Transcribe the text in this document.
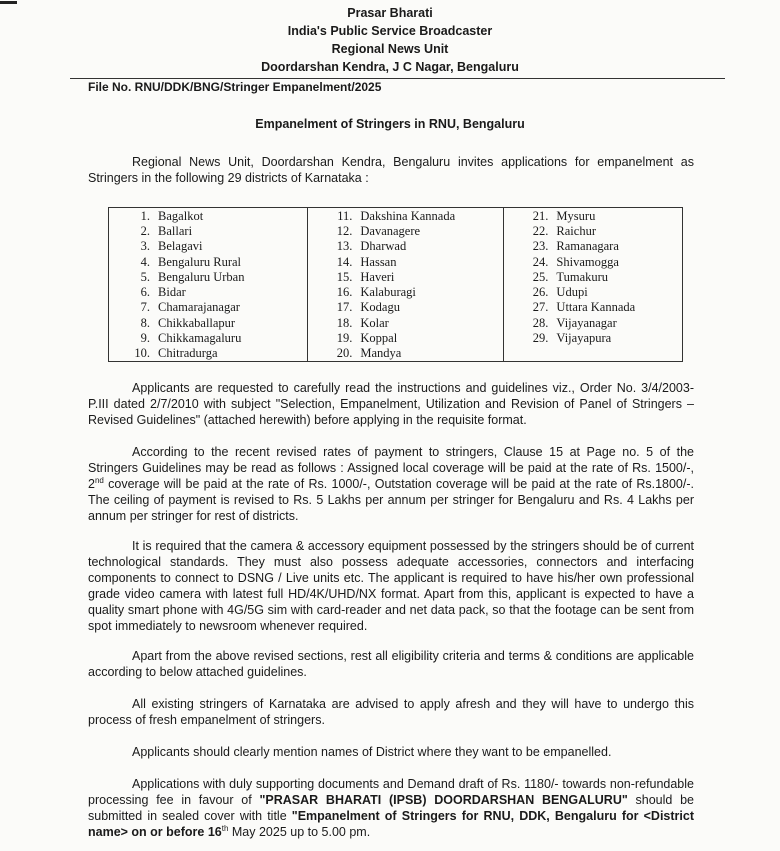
Prasar Bharati
India's Public Service Broadcaster
Regional News Unit
Doordarshan Kendra, J C Nagar, Bengaluru
File No. RNU/DDK/BNG/Stringer Empanelment/2025
Empanelment of Stringers in RNU, Bengaluru

Regional News Unit, Doordarshan Kendra, Bengaluru invites applications for empanelment as Stringers in the following 29 districts of Karnataka :

1.	Bagalkot	11.	Dakshina Kannada	21.	Mysuru
2.	Ballari	12.	Davanagere	22.	Raichur
3.	Belagavi	13.	Dharwad	23.	Ramanagara
4.	Bengaluru Rural	14.	Hassan	24.	Shivamogga
5.	Bengaluru Urban	15.	Haveri	25.	Tumakuru
6.	Bidar	16.	Kalaburagi	26.	Udupi
7.	Chamarajanagar	17.	Kodagu	27.	Uttara Kannada
8.	Chikkaballapur	18.	Kolar	28.	Vijayanagar
9.	Chikkamagaluru	19.	Koppal	29.	Vijayapura
10.	Chitradurga	20.	Mandya		

Applicants are requested to carefully read the instructions and guidelines viz., Order No. 3/4/2003-P.III dated 2/7/2010 with subject "Selection, Empanelment, Utilization and Revision of Panel of Stringers – Revised Guidelines" (attached herewith) before applying in the requisite format.

According to the recent revised rates of payment to stringers, Clause 15 at Page no. 5 of the Stringers Guidelines may be read as follows : Assigned local coverage will be paid at the rate of Rs. 1500/-, 2nd coverage will be paid at the rate of Rs. 1000/-, Outstation coverage will be paid at the rate of Rs.1800/-. The ceiling of payment is revised to Rs. 5 Lakhs per annum per stringer for Bengaluru and Rs. 4 Lakhs per annum per stringer for rest of districts.

It is required that the camera & accessory equipment possessed by the stringers should be of current technological standards. They must also possess adequate accessories, connectors and interfacing components to connect to DSNG / Live units etc. The applicant is required to have his/her own professional grade video camera with latest full HD/4K/UHD/NX format. Apart from this, applicant is expected to have a quality smart phone with 4G/5G sim with card-reader and net data pack, so that the footage can be sent from spot immediately to newsroom whenever required.

Apart from the above revised sections, rest all eligibility criteria and terms & conditions are applicable according to below attached guidelines.

All existing stringers of Karnataka are advised to apply afresh and they will have to undergo this process of fresh empanelment of stringers.

Applicants should clearly mention names of District where they want to be empanelled.

Applications with duly supporting documents and Demand draft of Rs. 1180/- towards non-refundable processing fee in favour of "PRASAR BHARATI (IPSB) DOORDARSHAN BENGALURU" should be submitted in sealed cover with title "Empanelment of Stringers for RNU, DDK, Bengaluru for <District name> on or before 16th May 2025 up to 5.00 pm.
